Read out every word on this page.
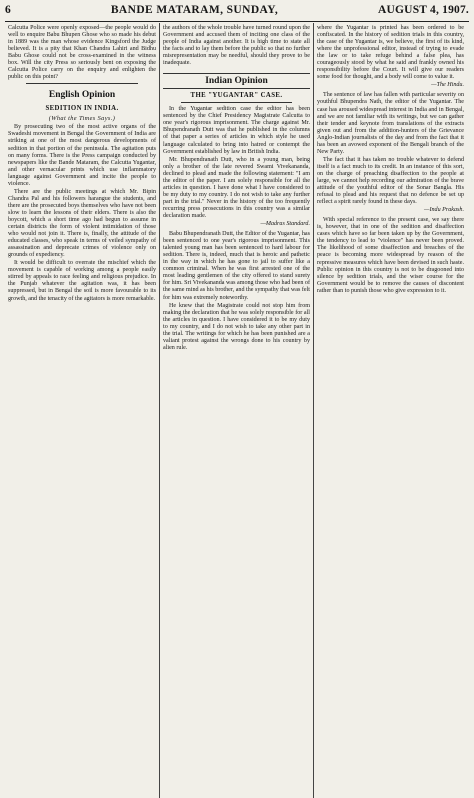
6	BANDE MATARAM, SUNDAY,	AUGUST 4, 1907.

Calcutta Police were openly exposed—the people would do well to enquire Babu Bhupen Ghose who so made his debut in 1889 was the man whose evidence Kingsford the Judge believed. It is a pity that Khan Chandra Lahiri and Bidhu Babu Ghose could not be cross-examined in the witness box. Will the city Press so seriously bent on exposing the Calcutta Police carry on the enquiry and enlighten the public on this point?

English Opinion
SEDITION IN INDIA.
(What the Times Says.)

By prosecuting two of the most active organs of the Swadeshi movement in Bengal the Government of India are striking at one of the most dangerous developments of sedition in that portion of the peninsula. The agitation puts on many forms. There is the Press campaign conducted by newspapers like the Bande Mataram, the Calcutta Yugantar, and other vernacular prints which use inflammatory language against Government and incite the people to violence.

There are the public meetings at which Mr. Bipin Chandra Pal and his followers harangue the students, and there are the prosecuted boys themselves who have not been slow to learn the lessons of their elders. There is also the boycott, which a short time ago had begun to assume in certain districts the form of violent intimidation of those who would not join it. There is, finally, the attitude of the educated classes, who speak in terms of veiled sympathy of assassination and deprecate crimes of violence only on grounds of expediency.

It would be difficult to overrate the mischief which the movement is capable of working among a people easily stirred by appeals to race feeling and religious prejudice. In the Punjab whatever the agitation was, it has been suppressed, but in Bengal the soil is more favourable to its growth, and the tenacity of the agitators is more remarkable.

the authors of the whole trouble have turned round upon the Government and accused them of inciting one class of the people of India against another. It is high time to state all the facts and to lay them before the public so that no further misrepresentation may be needful, should they prove to be inadequate.

Indian Opinion
THE "YUGANTAR" CASE.

In the Yugantar sedition case the editor has been sentenced by the Chief Presidency Magistrate Calcutta to one year's rigorous imprisonment. The charge against Mr. Bhupendranath Dutt was that he published in the columns of that paper a series of articles in which style he used language calculated to bring into hatred or contempt the Government established by law in British India.

Mr. Bhupendranath Dutt, who in a young man, being only a brother of the late revered Swami Vivekananda, declined to plead and made the following statement: "I am the editor of the paper. I am solely responsible for all the articles in question. I have done what I have considered to be my duty to my country. I do not wish to take any further part in the trial." Never in the history of the too frequently recurring press prosecutions in this country was a similar declaration made.

—Madras Standard.

Babu Bhupendranath Dutt, the Editor of the Yugantar, has been sentenced to one year's rigorous imprisonment. This talented young man has been sentenced to hard labour for sedition. There is, indeed, much that is heroic and pathetic in the way in which he has gone to jail to suffer like a common criminal. When he was first arrested one of the most leading gentlemen of the city offered to stand surety for him. Sri Vivekananda was among those who had been of the same mind as his brother, and the sympathy that was felt for him was extremely noteworthy.

He knew that the Magistrate could not stop him from making the declaration that he was solely responsible for all the articles in question. I have considered it to be my duty to my country, and I do not wish to take any other part in the trial. The writings for which he has been punished are a valiant protest against the wrongs done to his country by alien rule.

where the Yugantar is printed has been ordered to be confiscated. In the history of sedition trials in this country, the case of the Yugantar is, we believe, the first of its kind, where the unprofessional editor, instead of trying to evade the law or to take refuge behind a false plea, has courageously stood by what he said and frankly owned his responsibility before the Court. It will give our readers some food for thought, and a body will come to value it.

—The Hindu.

The sentence of law has fallen with particular severity on youthful Bhupendra Nath, the editor of the Yugantar. The case has aroused widespread interest in India and in Bengal, and we are not familiar with its writings, but we can gather their tender and keynote from translations of the extracts given out and from the addition-hunters of the Grievance Anglo-Indian journalists of the day and from the fact that it has been an avowed exponent of the Bengali branch of the New Party.

The fact that it has taken no trouble whatever to defend itself is a fact much to its credit. In an instance of this sort, on the charge of preaching disaffection to the people at large, we cannot help recording our admiration of the brave attitude of the youthful editor of the Sonar Bangla. His refusal to plead and his request that no defence be set up reflect a spirit rarely found in these days.

—Indu Prakash.

With special reference to the present case, we say there is, however, that in one of the sedition and disaffection cases which have so far been taken up by the Government, the tendency to lead to "violence" has never been proved. The likelihood of some disaffection and breaches of the peace is becoming more widespread by reason of the repressive measures which have been devised in such haste. Public opinion in this country is not to be dragooned into silence by sedition trials, and the wiser course for the Government would be to remove the causes of discontent rather than to punish those who give expression to it.
